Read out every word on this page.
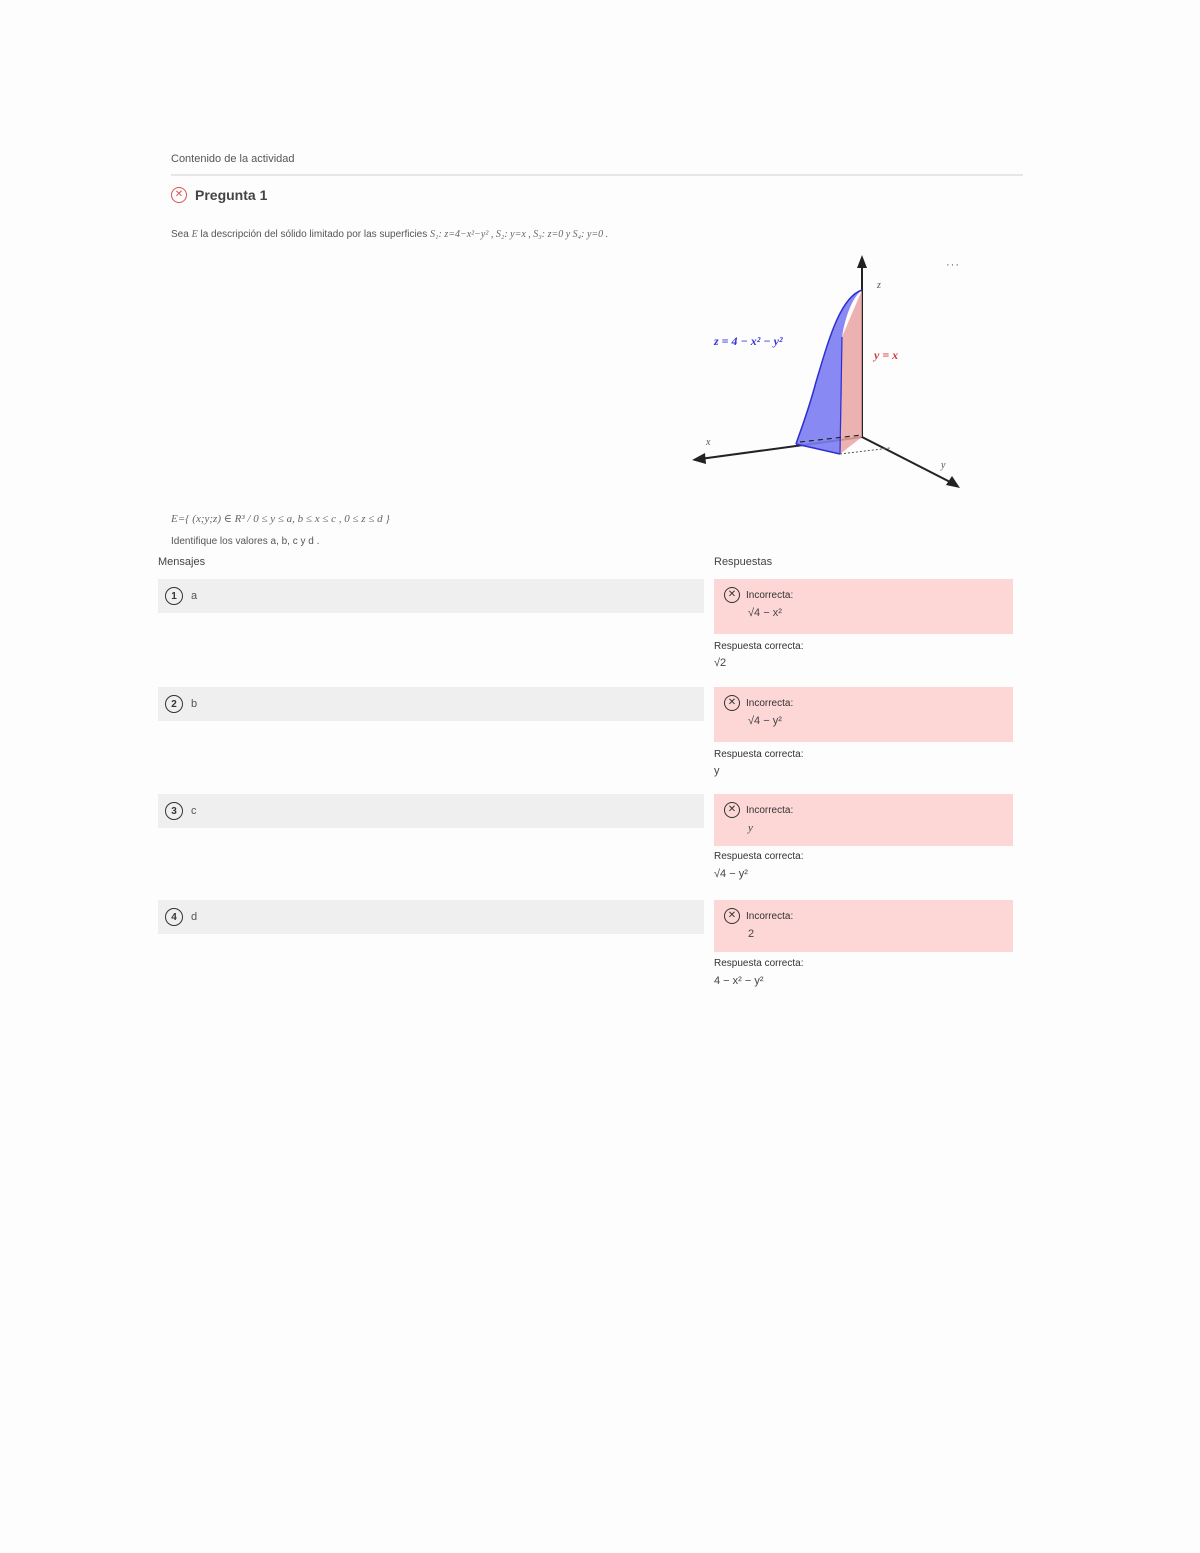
Contenido de la actividad
✕ Pregunta 1
Sea E la descripción del sólido limitado por las superficies S₁: z=4−x²−y² , S₂: y=x , S₃: z=0 y S₄: y=0 .
···
z = 4 − x² − y²
y = x
x
y
z
E={ (x;y;z) ∈ R³ / 0 ≤ y ≤ a, b ≤ x ≤ c , 0 ≤ z ≤ d }
Identifique los valores a, b, c y d .
Mensajes	Respuestas
1	a	✕ Incorrecta:
√4 − x²
Respuesta correcta:
√2
2	b	✕ Incorrecta:
√4 − y²
Respuesta correcta:
y
3	c	✕ Incorrecta:
y
Respuesta correcta:
√4 − y²
4	d	✕ Incorrecta:
2
Respuesta correcta:
4 − x² − y²
